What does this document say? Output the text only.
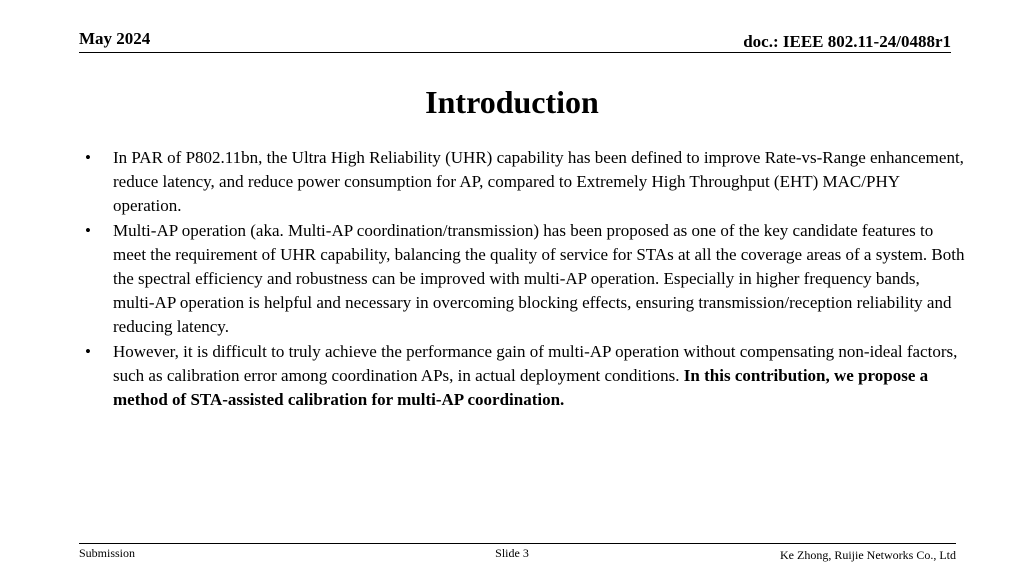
May 2024	doc.: IEEE 802.11-24/0488r1
Introduction
• In PAR of P802.11bn, the Ultra High Reliability (UHR) capability has been defined to improve Rate-vs-Range enhancement, reduce latency, and reduce power consumption for AP, compared to Extremely High Throughput (EHT) MAC/PHY operation.
• Multi-AP operation (aka. Multi-AP coordination/transmission) has been proposed as one of the key candidate features to meet the requirement of UHR capability, balancing the quality of service for STAs at all the coverage areas of a system. Both the spectral efficiency and robustness can be improved with multi-AP operation. Especially in higher frequency bands, multi-AP operation is helpful and necessary in overcoming blocking effects, ensuring transmission/reception reliability and reducing latency.
• However, it is difficult to truly achieve the performance gain of multi-AP operation without compensating non-ideal factors, such as calibration error among coordination APs, in actual deployment conditions. In this contribution, we propose a method of STA-assisted calibration for multi-AP coordination.
Submission	Slide 3	Ke Zhong, Ruijie Networks Co., Ltd
